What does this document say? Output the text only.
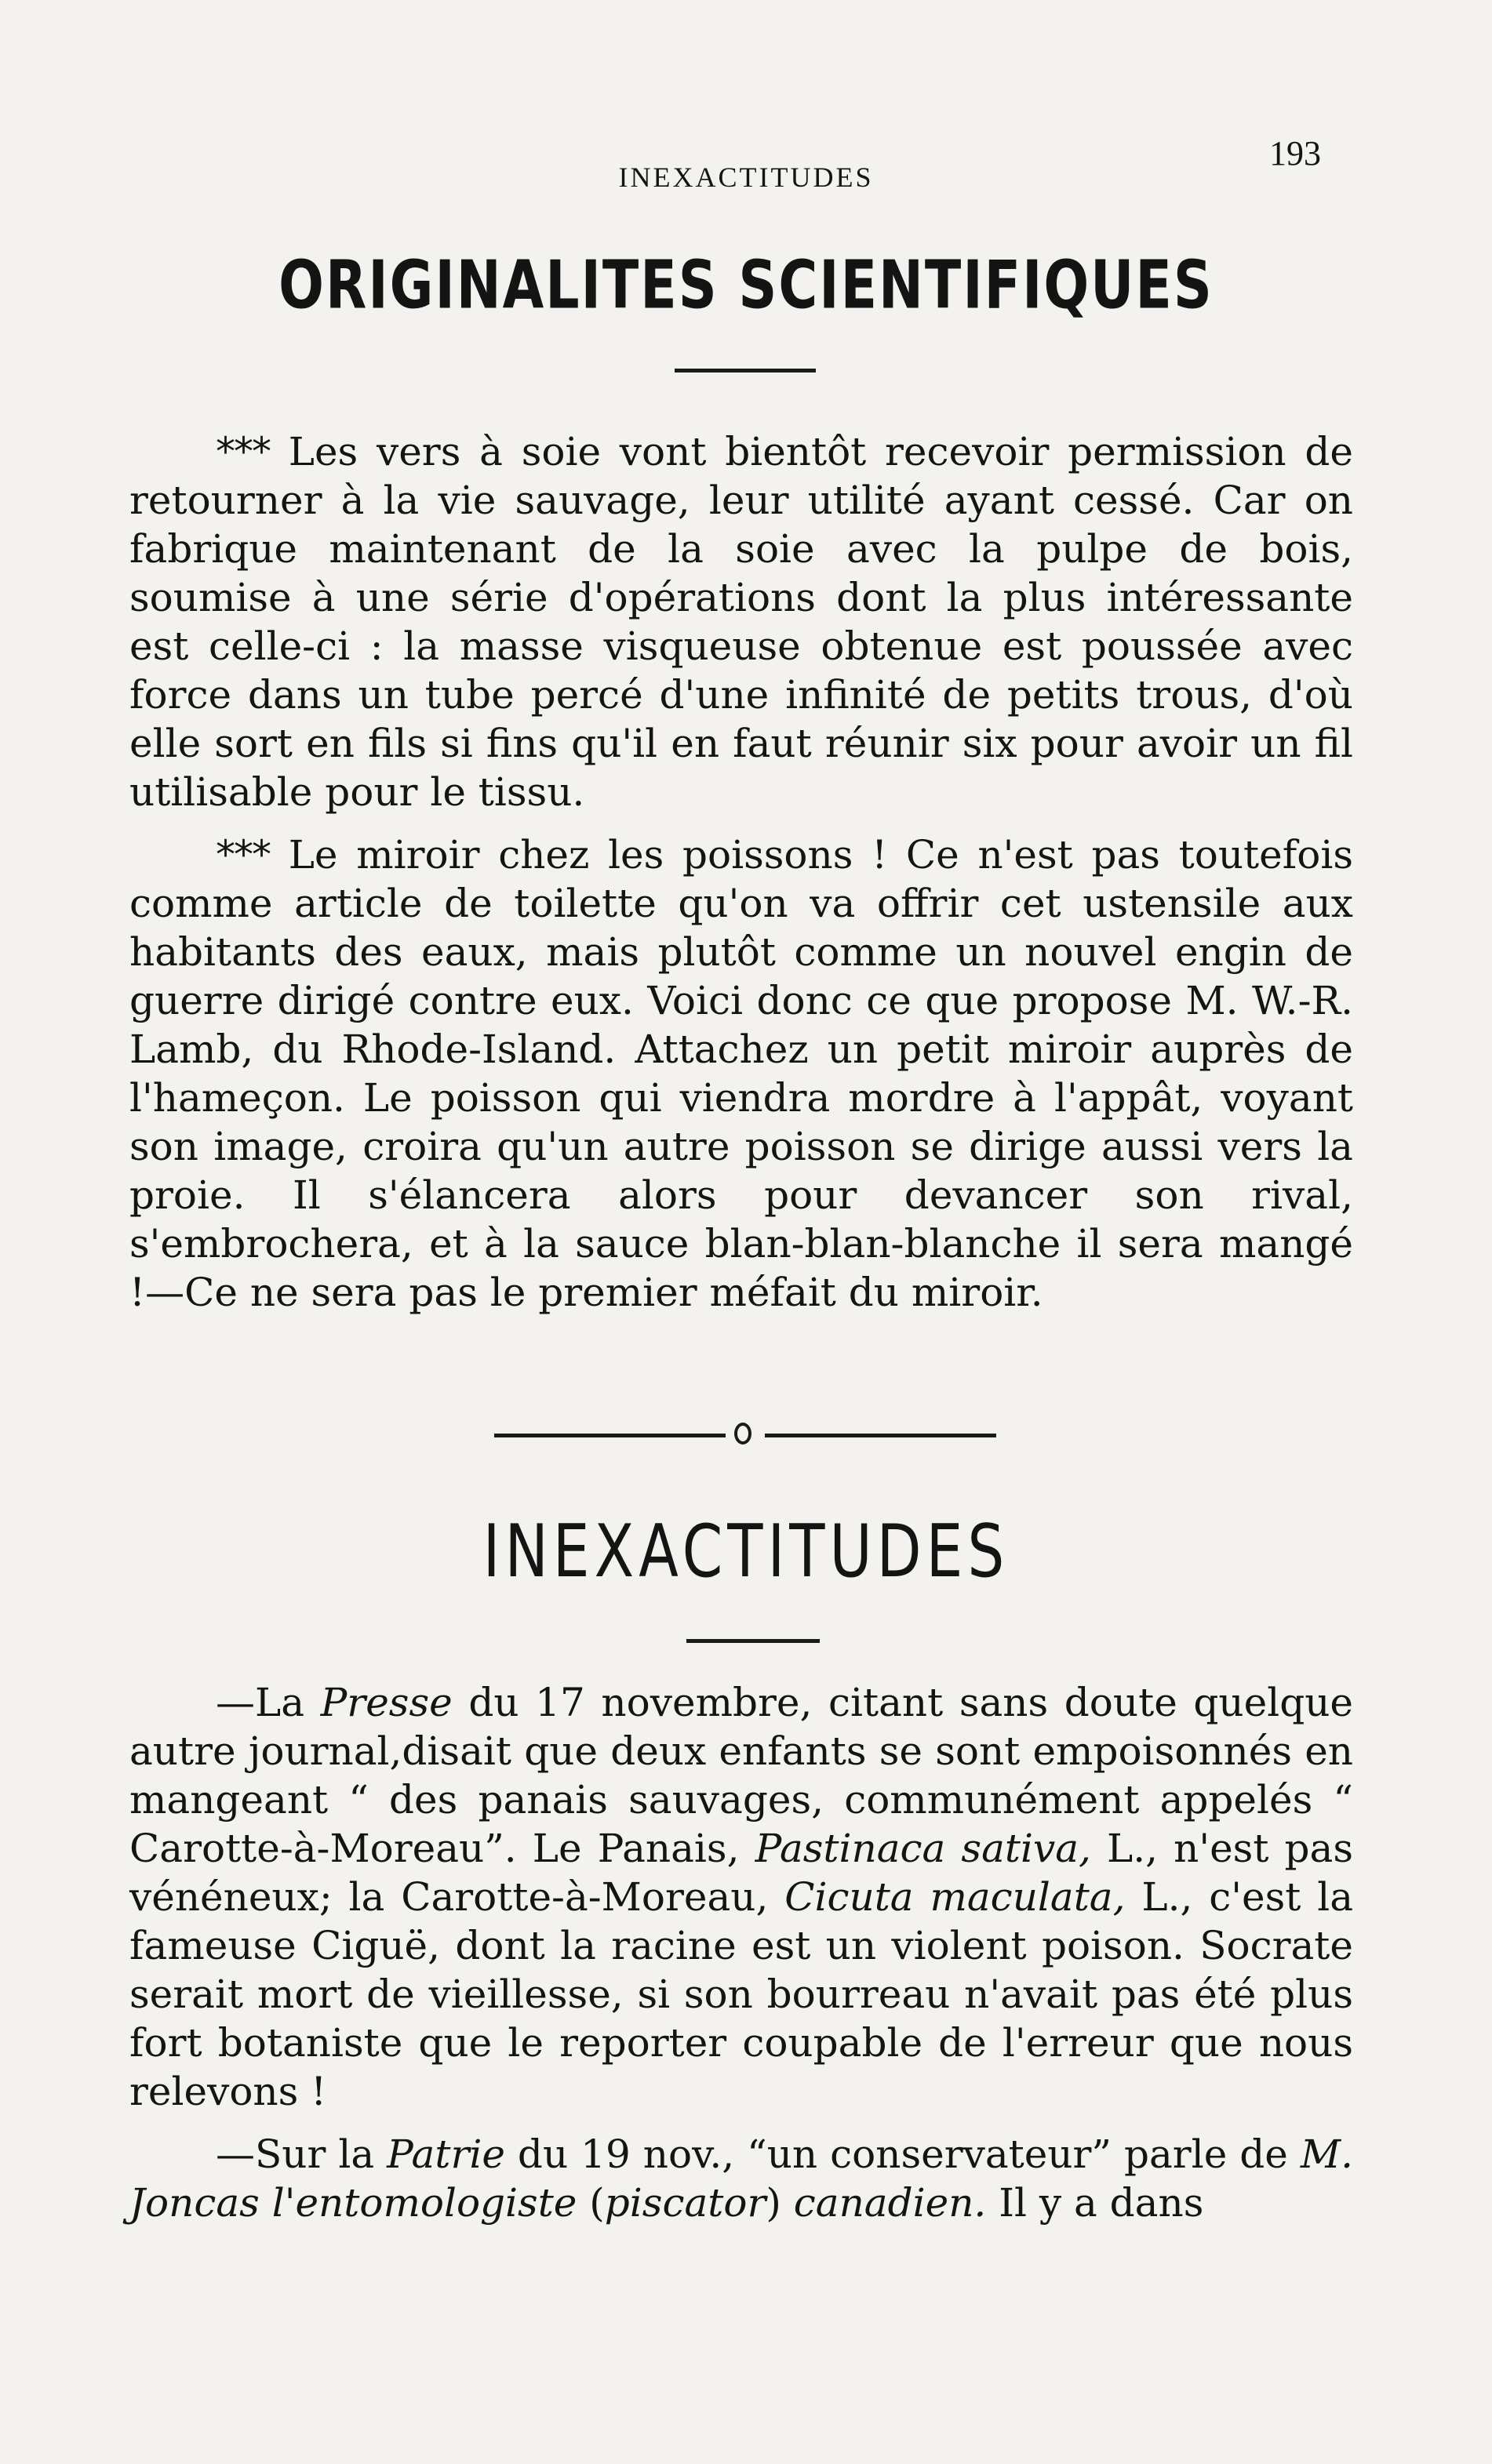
INEXACTITUDES
193
ORIGINALITES SCIENTIFIQUES

*** Les vers à soie vont bientôt recevoir permission de retourner à la vie sauvage, leur utilité ayant cessé. Car on fabrique maintenant de la soie avec la pulpe de bois, soumise à une série d'opérations dont la plus intéressante est celle-ci : la masse visqueuse obtenue est poussée avec force dans un tube percé d'une infinité de petits trous, d'où elle sort en fils si fins qu'il en faut réunir six pour avoir un fil utilisable pour le tissu.

*** Le miroir chez les poissons ! Ce n'est pas toutefois comme article de toilette qu'on va offrir cet ustensile aux habitants des eaux, mais plutôt comme un nouvel engin de guerre dirigé contre eux. Voici donc ce que propose M. W.-R. Lamb, du Rhode-Island. Attachez un petit miroir auprès de l'hameçon. Le poisson qui viendra mordre à l'appât, voyant son image, croira qu'un autre poisson se dirige aussi vers la proie. Il s'élancera alors pour devancer son rival, s'embrochera, et à la sauce blan-blan-blanche il sera mangé !—Ce ne sera pas le premier méfait du miroir.

INEXACTITUDES

—La Presse du 17 novembre, citant sans doute quelque autre journal,disait que deux enfants se sont empoisonnés en mangeant “ des panais sauvages, communément appelés “ Carotte-à-Moreau”. Le Panais, Pastinaca sativa, L., n'est pas vénéneux; la Carotte-à-Moreau, Cicuta maculata, L., c'est la fameuse Ciguë, dont la racine est un violent poison. Socrate serait mort de vieillesse, si son bourreau n'avait pas été plus fort botaniste que le reporter coupable de l'erreur que nous relevons !

—Sur la Patrie du 19 nov., “un conservateur” parle de M. Joncas l'entomologiste (piscator) canadien. Il y a dans
